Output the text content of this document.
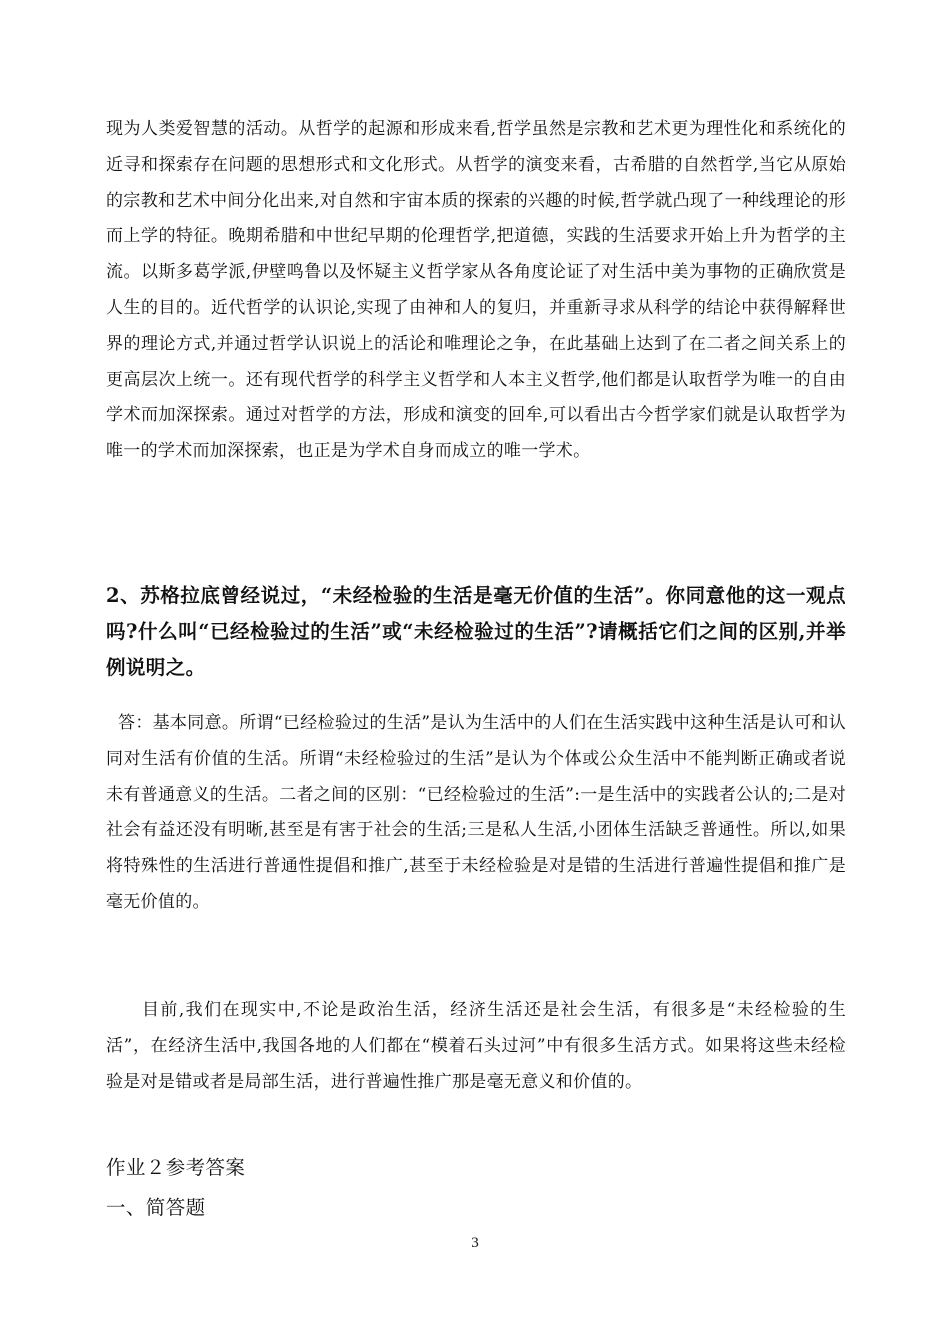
现为人类爱智慧的活动。从哲学的起源和形成来看,哲学虽然是宗教和艺术更为理性化和系统化的近寻和探索存在问题的思想形式和文化形式。从哲学的演变来看，古希腊的自然哲学,当它从原始的宗教和艺术中间分化出来,对自然和宇宙本质的探索的兴趣的时候,哲学就凸现了一种线理论的形而上学的特征。晚期希腊和中世纪早期的伦理哲学,把道德，实践的生活要求开始上升为哲学的主流。以斯多葛学派,伊壁鸣鲁以及怀疑主义哲学家从各角度论证了对生活中美为事物的正确欣赏是人生的目的。近代哲学的认识论,实现了由神和人的复归，并重新寻求从科学的结论中获得解释世界的理论方式,并通过哲学认识说上的活论和唯理论之争，在此基础上达到了在二者之间关系上的更高层次上统一。还有现代哲学的科学主义哲学和人本主义哲学,他们都是认取哲学为唯一的自由学术而加深探索。通过对哲学的方法，形成和演变的回牟,可以看出古今哲学家们就是认取哲学为唯一的学术而加深探索，也正是为学术自身而成立的唯一学术。

2、苏格拉底曾经说过，“未经检验的生活是毫无价值的生活”。你同意他的这一观点吗?什么叫“已经检验过的生活”或“未经检验过的生活”?请概括它们之间的区别,并举例说明之。

答：基本同意。所谓“已经检验过的生活”是认为生活中的人们在生活实践中这种生活是认可和认同对生活有价值的生活。所谓“未经检验过的生活”是认为个体或公众生活中不能判断正确或者说未有普通意义的生活。二者之间的区别：“已经检验过的生活”:一是生活中的实践者公认的;二是对社会有益还没有明晰,甚至是有害于社会的生活;三是私人生活,小团体生活缺乏普通性。所以,如果将特殊性的生活进行普通性提倡和推广,甚至于未经检验是对是错的生活进行普遍性提倡和推广是毫无价值的。

目前,我们在现实中,不论是政治生活，经济生活还是社会生活，有很多是“未经检验的生活”，在经济生活中,我国各地的人们都在“模着石头过河”中有很多生活方式。如果将这些未经检验是对是错或者是局部生活，进行普遍性推广那是毫无意义和价值的。

作业２参考答案

一、简答题

3
